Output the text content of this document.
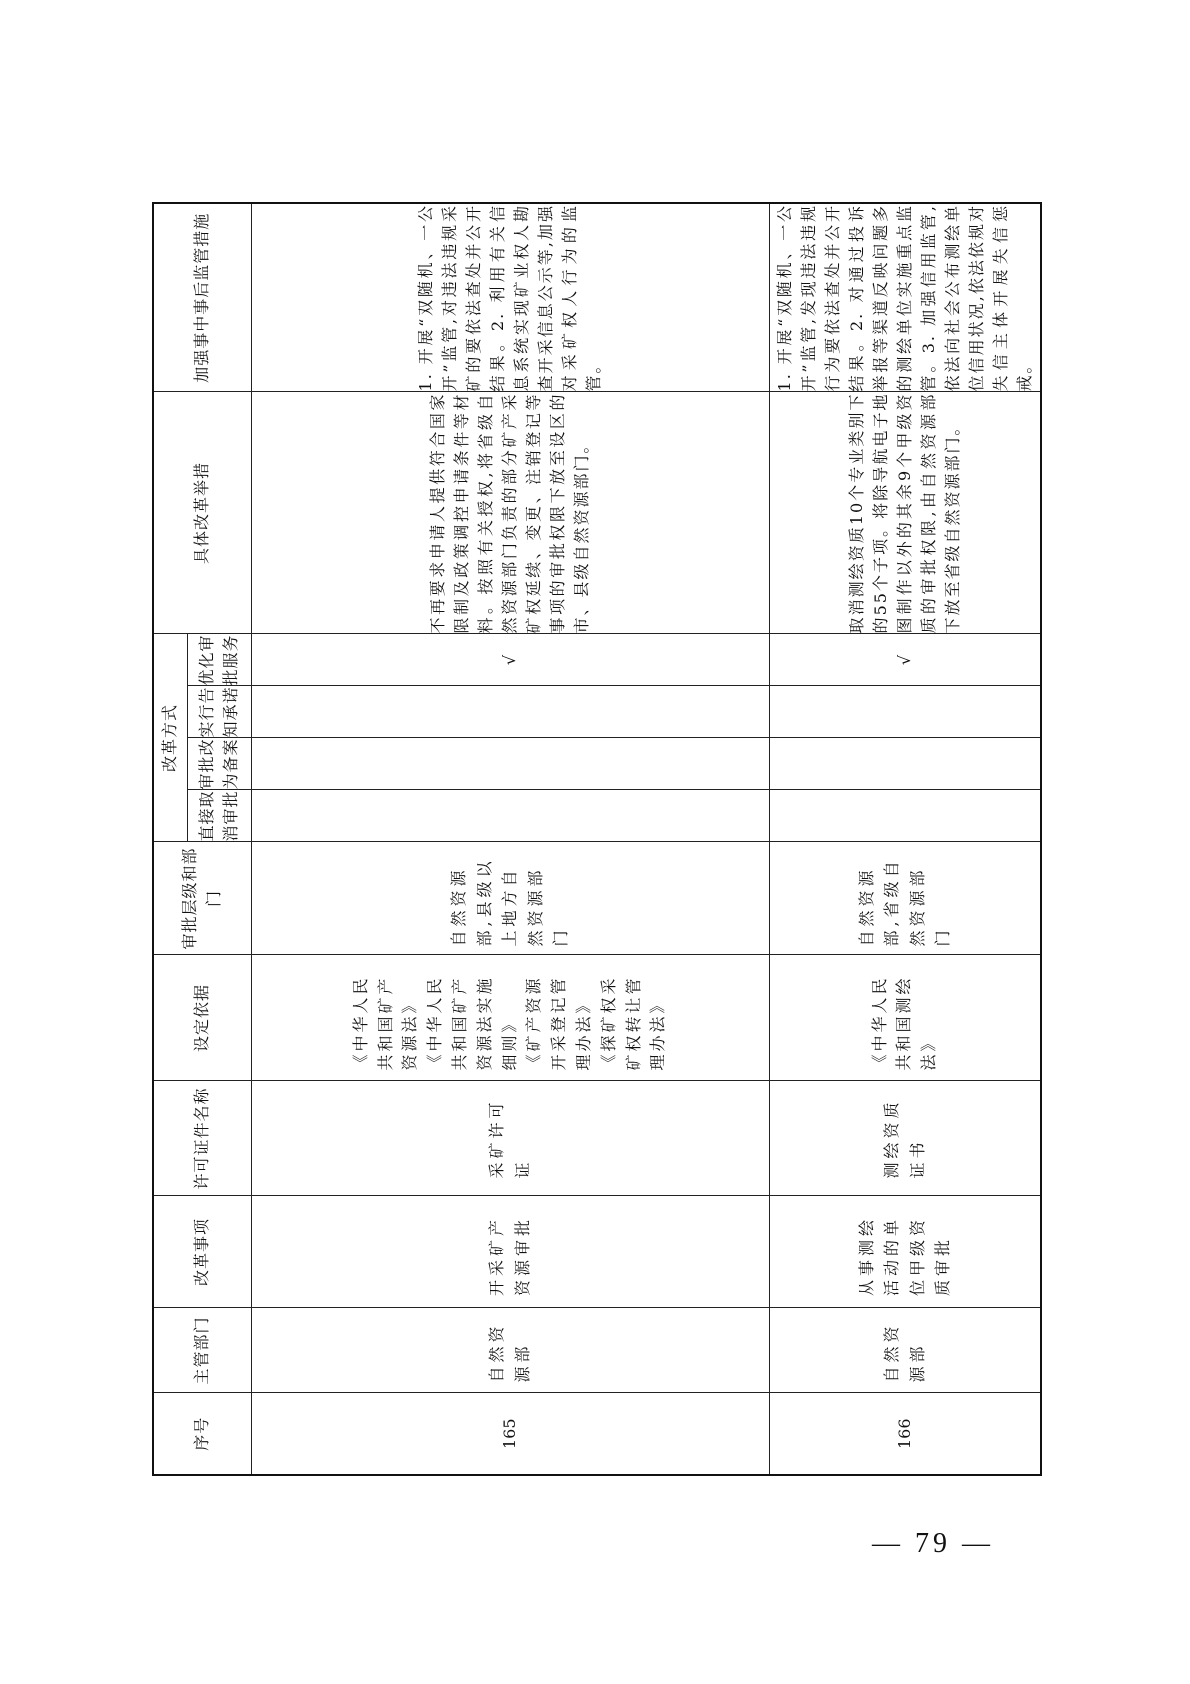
序号	主管部门	改革事项	许可证件名称	设定依据	审批层级和部门	改革方式				具体改革举措	加强事中事后监管措施
						直接取消审批	审批改为备案	实行告知承诺	优化审批服务		
165	自然资源部	开采矿产资源审批	采矿许可证	《中华人民共和国矿产资源法》 《中华人民共和国矿产资源法实施细则》 《矿产资源开采登记管理办法》 《探矿权采矿权转让管理办法》	自然资源部,县级以上地方自然资源部门				√	不再要求申请人提供符合国家限制及政策调控申请条件等材料。按照有关授权,将省级自然资源部门负责的部分矿产采矿权延续、变更、注销登记等事项的审批权限下放至设区的市、县级自然资源部门。	1. 开展“双随机、一公开”监管,对违法违规采矿的要依法查处并公开结果。2. 利用有关信息系统实现矿业权人勘查开采信息公示等,加强对采矿权人行为的监管。
166	自然资源部	从事测绘活动的单位甲级资质审批	测绘资质证书	《中华人民共和国测绘法》	自然资源部,省级自然资源部门				√	取消测绘资质10个专业类别下的55个子项。将除导航电子地图制作以外的其余9个甲级资质的审批权限,由自然资源部下放至省级自然资源部门。	1. 开展“双随机、一公开”监管,发现违法违规行为要依法查处并公开结果。2. 对通过投诉举报等渠道反映问题多的测绘单位实施重点监管。3. 加强信用监管,依法向社会公布测绘单位信用状况,依法依规对失信主体开展失信惩戒。
— 79 —
